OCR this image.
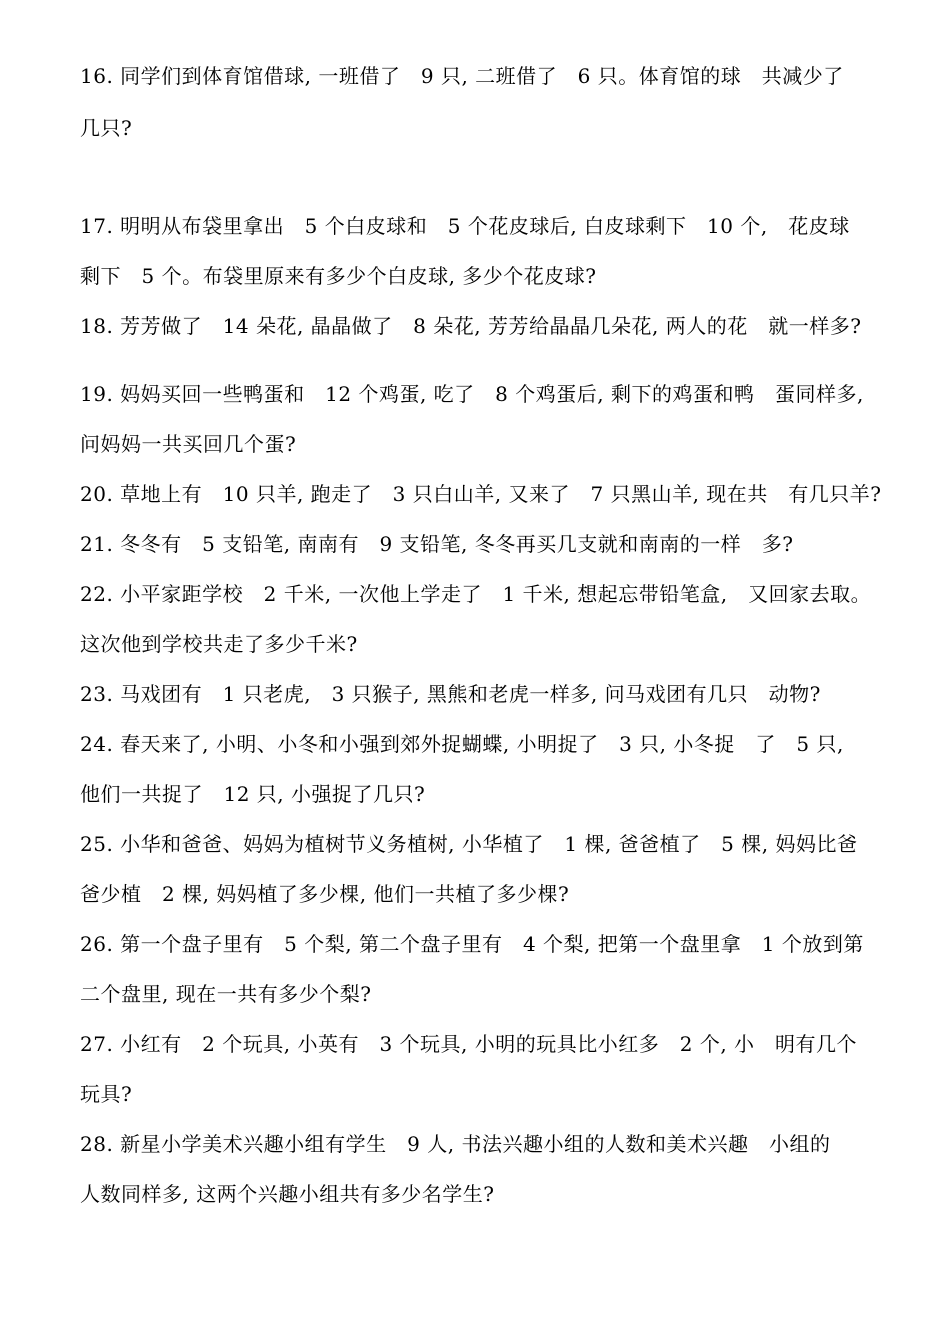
16. 同学们到体育馆借球, 一班借了　9 只, 二班借了　6 只。体育馆的球　共减少了
几只?
17. 明明从布袋里拿出　5 个白皮球和　5 个花皮球后, 白皮球剩下　10 个,　花皮球
剩下　5 个。布袋里原来有多少个白皮球, 多少个花皮球?
18. 芳芳做了　14 朵花, 晶晶做了　8 朵花, 芳芳给晶晶几朵花, 两人的花　就一样多?
19. 妈妈买回一些鸭蛋和　12 个鸡蛋, 吃了　8 个鸡蛋后, 剩下的鸡蛋和鸭　蛋同样多,
问妈妈一共买回几个蛋?
20. 草地上有　10 只羊, 跑走了　3 只白山羊, 又来了　7 只黑山羊, 现在共　有几只羊?
21. 冬冬有　5 支铅笔, 南南有　9 支铅笔, 冬冬再买几支就和南南的一样　多?
22. 小平家距学校　2 千米, 一次他上学走了　1 千米, 想起忘带铅笔盒,　又回家去取。
这次他到学校共走了多少千米?
23. 马戏团有　1 只老虎,　3 只猴子, 黑熊和老虎一样多, 问马戏团有几只　动物?
24. 春天来了, 小明、小冬和小强到郊外捉蝴蝶, 小明捉了　3 只, 小冬捉　了　5 只,
他们一共捉了　12 只, 小强捉了几只?
25. 小华和爸爸、妈妈为植树节义务植树, 小华植了　1 棵, 爸爸植了　5 棵, 妈妈比爸
爸少植　2 棵, 妈妈植了多少棵, 他们一共植了多少棵?
26. 第一个盘子里有　5 个梨, 第二个盘子里有　4 个梨, 把第一个盘里拿　1 个放到第
二个盘里, 现在一共有多少个梨?
27. 小红有　2 个玩具, 小英有　3 个玩具, 小明的玩具比小红多　2 个, 小　明有几个
玩具?
28. 新星小学美术兴趣小组有学生　9 人, 书法兴趣小组的人数和美术兴趣　小组的
人数同样多, 这两个兴趣小组共有多少名学生?
